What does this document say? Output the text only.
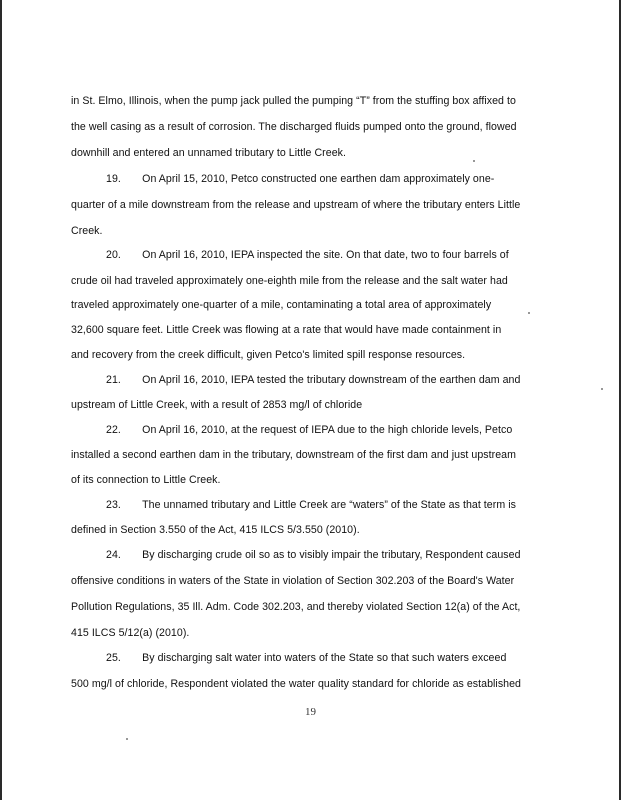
in St. Elmo, Illinois, when the pump jack pulled the pumping “T” from the stuffing box affixed to
the well casing as a result of corrosion. The discharged fluids pumped onto the ground, flowed
downhill and entered an unnamed tributary to Little Creek.
19.  On April 15, 2010, Petco constructed one earthen dam approximately one-
quarter of a mile downstream from the release and upstream of where the tributary enters Little
Creek.
20.  On April 16, 2010, IEPA inspected the site. On that date, two to four barrels of
crude oil had traveled approximately one-eighth mile from the release and the salt water had
traveled approximately one-quarter of a mile, contaminating a total area of approximately
32,600 square feet. Little Creek was flowing at a rate that would have made containment in
and recovery from the creek difficult, given Petco's limited spill response resources.
21.  On April 16, 2010, IEPA tested the tributary downstream of the earthen dam and
upstream of Little Creek, with a result of 2853 mg/l of chloride
22.  On April 16, 2010, at the request of IEPA due to the high chloride levels, Petco
installed a second earthen dam in the tributary, downstream of the first dam and just upstream
of its connection to Little Creek.
23.  The unnamed tributary and Little Creek are “waters” of the State as that term is
defined in Section 3.550 of the Act, 415 ILCS 5/3.550 (2010).
24.  By discharging crude oil so as to visibly impair the tributary, Respondent caused
offensive conditions in waters of the State in violation of Section 302.203 of the Board's Water
Pollution Regulations, 35 Ill. Adm. Code 302.203, and thereby violated Section 12(a) of the Act,
415 ILCS 5/12(a) (2010).
25.  By discharging salt water into waters of the State so that such waters exceed
500 mg/l of chloride, Respondent violated the water quality standard for chloride as established
19
